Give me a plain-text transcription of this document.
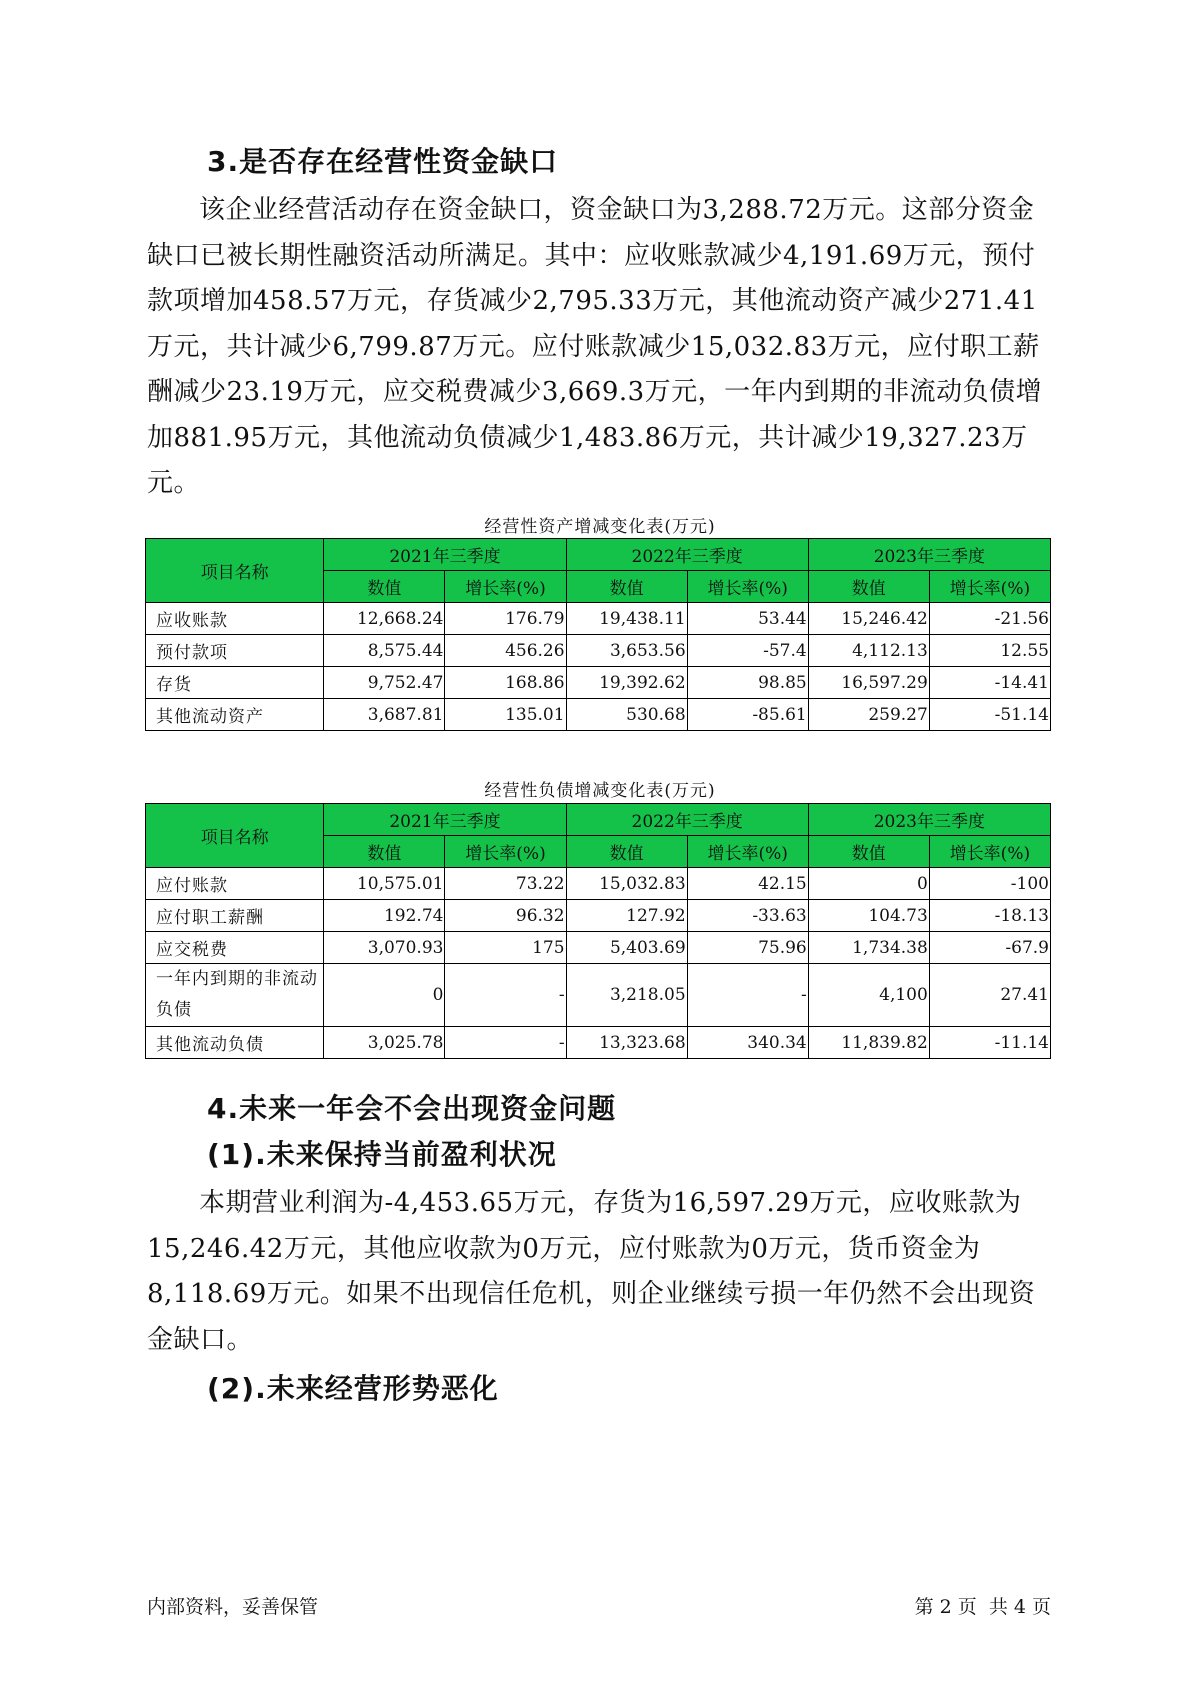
3.是否存在经营性资金缺口

该企业经营活动存在资金缺口，资金缺口为3,288.72万元。这部分资金缺口已被长期性融资活动所满足。其中：应收账款减少4,191.69万元，预付款项增加458.57万元，存货减少2,795.33万元，其他流动资产减少271.41万元，共计减少6,799.87万元。应付账款减少15,032.83万元，应付职工薪酬减少23.19万元，应交税费减少3,669.3万元，一年内到期的非流动负债增加881.95万元，其他流动负债减少1,483.86万元，共计减少19,327.23万元。

经营性资产增减变化表(万元)
项目名称	2021年三季度		2022年三季度		2023年三季度	
	数值	增长率(%)	数值	增长率(%)	数值	增长率(%)
应收账款	12,668.24	176.79	19,438.11	53.44	15,246.42	-21.56
预付款项	8,575.44	456.26	3,653.56	-57.4	4,112.13	12.55
存货	9,752.47	168.86	19,392.62	98.85	16,597.29	-14.41
其他流动资产	3,687.81	135.01	530.68	-85.61	259.27	-51.14
经营性负债增减变化表(万元)
项目名称	2021年三季度		2022年三季度		2023年三季度	
	数值	增长率(%)	数值	增长率(%)	数值	增长率(%)
应付账款	10,575.01	73.22	15,032.83	42.15	0	-100
应付职工薪酬	192.74	96.32	127.92	-33.63	104.73	-18.13
应交税费	3,070.93	175	5,403.69	75.96	1,734.38	-67.9
一年内到期的非流动负债	0	-	3,218.05	-	4,100	27.41
其他流动负债	3,025.78	-	13,323.68	340.34	11,839.82	-11.14
4.未来一年会不会出现资金问题
(1).未来保持当前盈利状况

本期营业利润为-4,453.65万元，存货为16,597.29万元，应收账款为15,246.42万元，其他应收款为0万元，应付账款为0万元，货币资金为8,118.69万元。如果不出现信任危机，则企业继续亏损一年仍然不会出现资金缺口。

(2).未来经营形势恶化
内部资料，妥善保管	第 2 页  共 4 页
